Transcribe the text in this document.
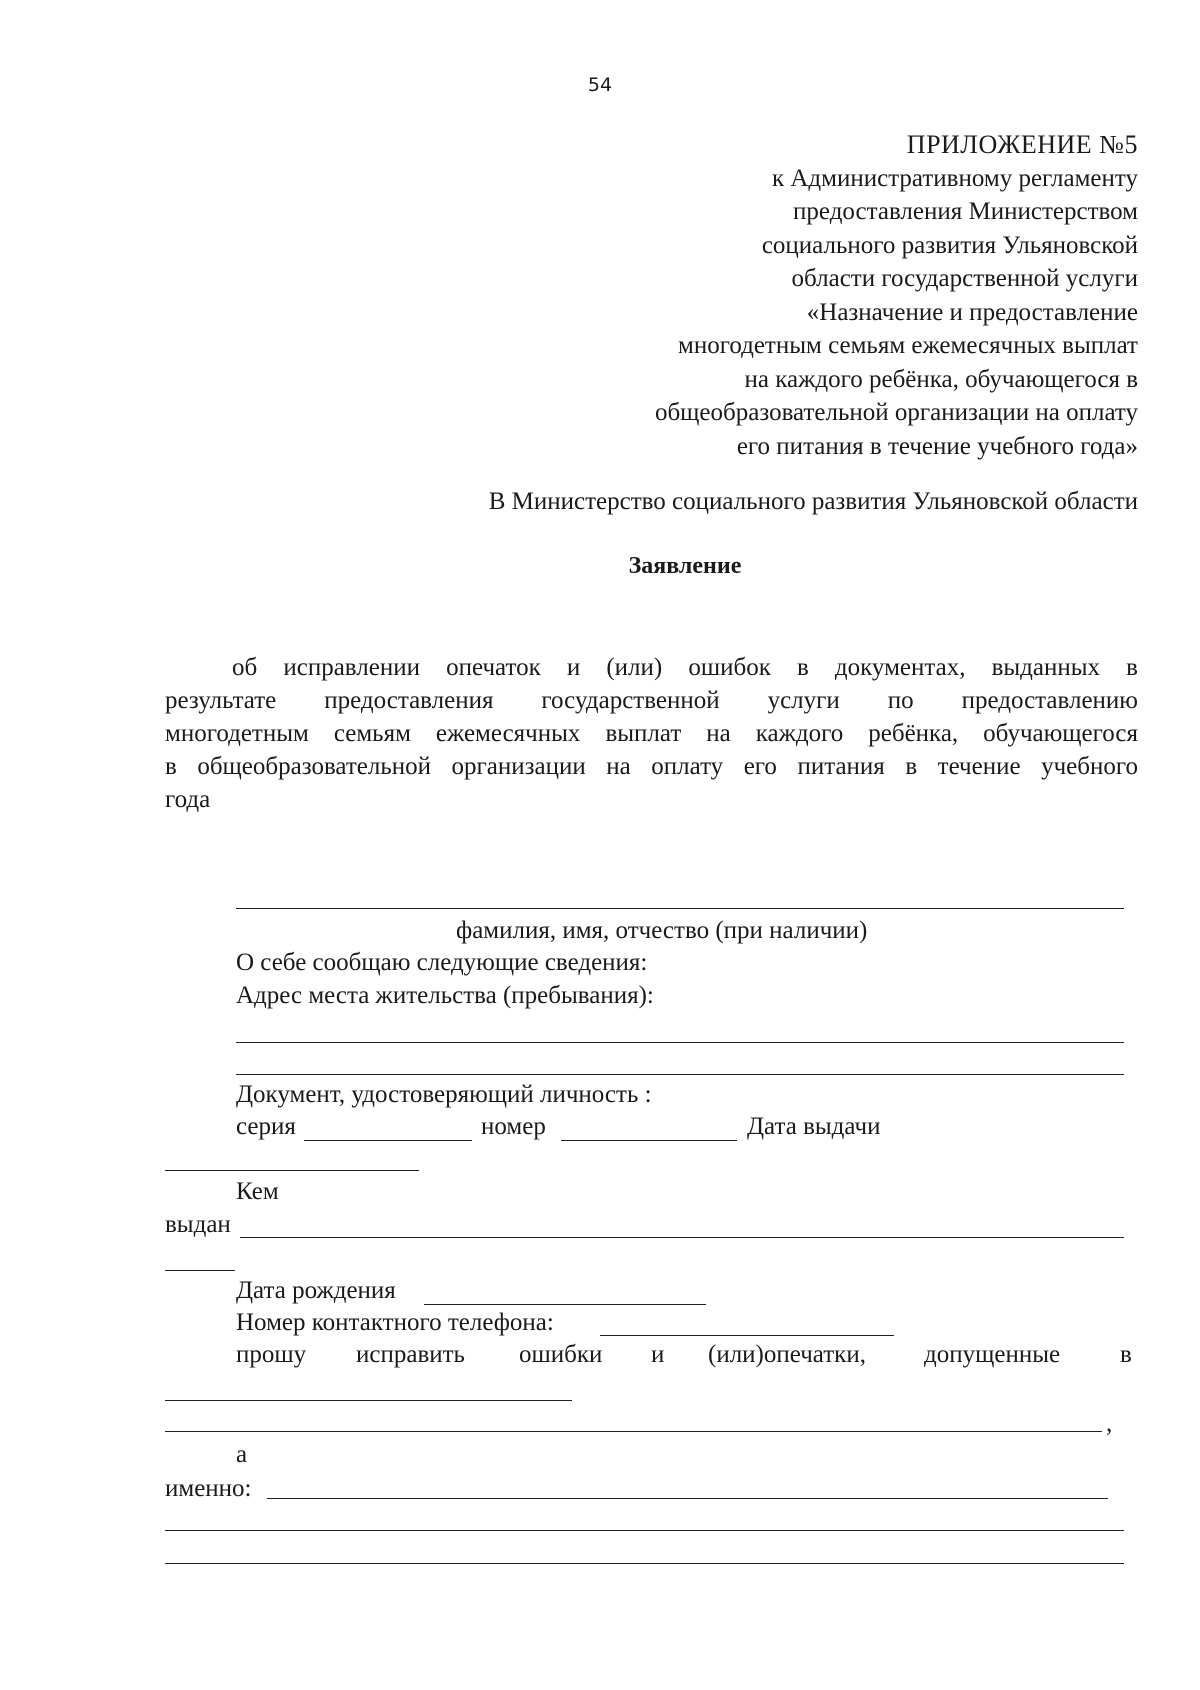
54
ПРИЛОЖЕНИЕ №5
к Административному регламенту
предоставления Министерством
социального развития Ульяновской
области государственной услуги
«Назначение и предоставление
многодетным семьям ежемесячных выплат
на каждого ребёнка, обучающегося в
общеобразовательной организации на оплату
его питания в течение учебного года»
В Министерство социального развития Ульяновской области
Заявление
об исправлении опечаток и (или) ошибок в документах, выданных в
результате предоставления государственной услуги по предоставлению
многодетным семьям ежемесячных выплат на каждого ребёнка, обучающегося
в общеобразовательной организации на оплату его питания в течение учебного
года
фамилия, имя, отчество (при наличии)
О себе сообщаю следующие сведения:
Адрес места жительства (пребывания):
Документ, удостоверяющий личность :
серия	номер	Дата выдачи
Кем
выдан
Дата рождения
Номер контактного телефона:
прошу исправить ошибки и (или)опечатки, допущенные в
,
а
именно:
